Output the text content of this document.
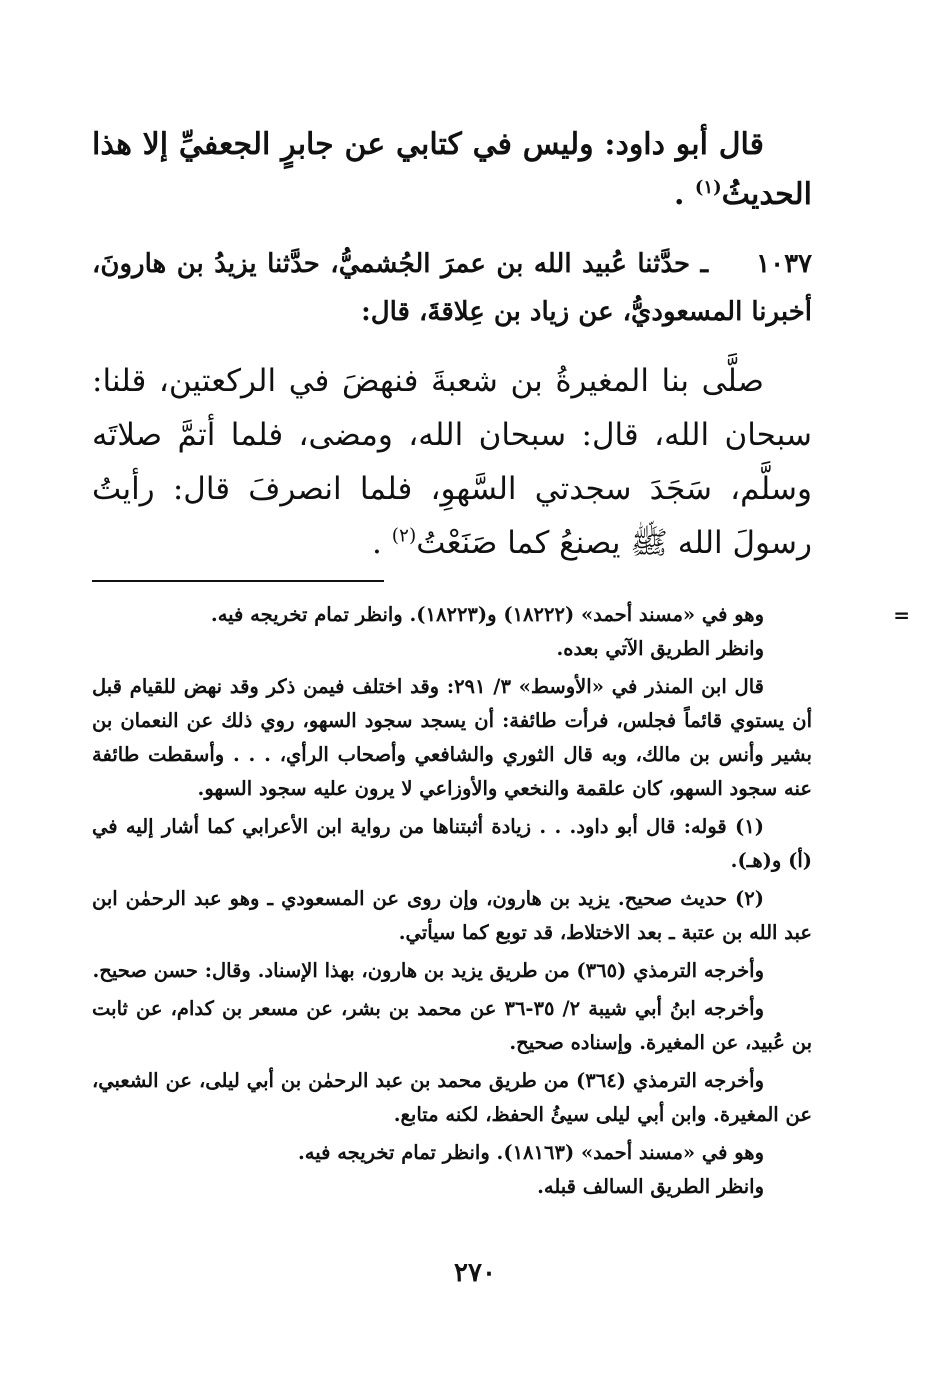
قال أبو داود: وليس في كتابي عن جابرٍ الجعفيِّ إلا هذا الحديثُ$^{(١)}$ .

١٠٣٧ـ حدَّثنا عُبيد الله بن عمرَ الجُشميُّ، حدَّثنا يزيدُ بن هارونَ، أخبرنا المسعوديُّ، عن زياد بن عِلاقةَ، قال:

صلَّى بنا المغيرةُ بن شعبةَ فنهضَ في الركعتين، قلنا: سبحان الله، قال: سبحان الله، ومضى، فلما أتمَّ صلاتَه وسلَّم، سَجَدَ سجدتي السَّهوِ، فلما انصرفَ قال: رأيتُ رسولَ الله ﷺ يصنعُ كما صَنَعْتُ$^{(٢)}$ .

=
وهو في «مسند أحمد» (١٨٢٢٢) و(١٨٢٢٣). وانظر تمام تخريجه فيه.
وانظر الطريق الآتي بعده.
قال ابن المنذر في «الأوسط» ٣/ ٢٩١: وقد اختلف فيمن ذكر وقد نهض للقيام قبل أن يستوي قائماً فجلس، فرأت طائفة: أن يسجد سجود السهو، روي ذلك عن النعمان بن بشير وأنس بن مالك، وبه قال الثوري والشافعي وأصحاب الرأي، . . . وأسقطت طائفة عنه سجود السهو، كان علقمة والنخعي والأوزاعي لا يرون عليه سجود السهو.
(١) قوله: قال أبو داود. . . زيادة أثبتناها من رواية ابن الأعرابي كما أشار إليه في (أ) و(هـ).
(٢) حديث صحيح. يزيد بن هارون، وإن روى عن المسعودي ـ وهو عبد الرحمٰن ابن عبد الله بن عتبة ـ بعد الاختلاط، قد توبع كما سيأتي.
وأخرجه الترمذي (٣٦٥) من طريق يزيد بن هارون، بهذا الإسناد. وقال: حسن صحيح.
وأخرجه ابنُ أبي شيبة ٢/ ٣٥-٣٦ عن محمد بن بشر، عن مسعر بن كدام، عن ثابت بن عُبيد، عن المغيرة. وإسناده صحيح.
وأخرجه الترمذي (٣٦٤) من طريق محمد بن عبد الرحمٰن بن أبي ليلى، عن الشعبي، عن المغيرة. وابن أبي ليلى سيئُ الحفظ، لكنه متابع.
وهو في «مسند أحمد» (١٨١٦٣). وانظر تمام تخريجه فيه.
وانظر الطريق السالف قبله.
٢٧٠
